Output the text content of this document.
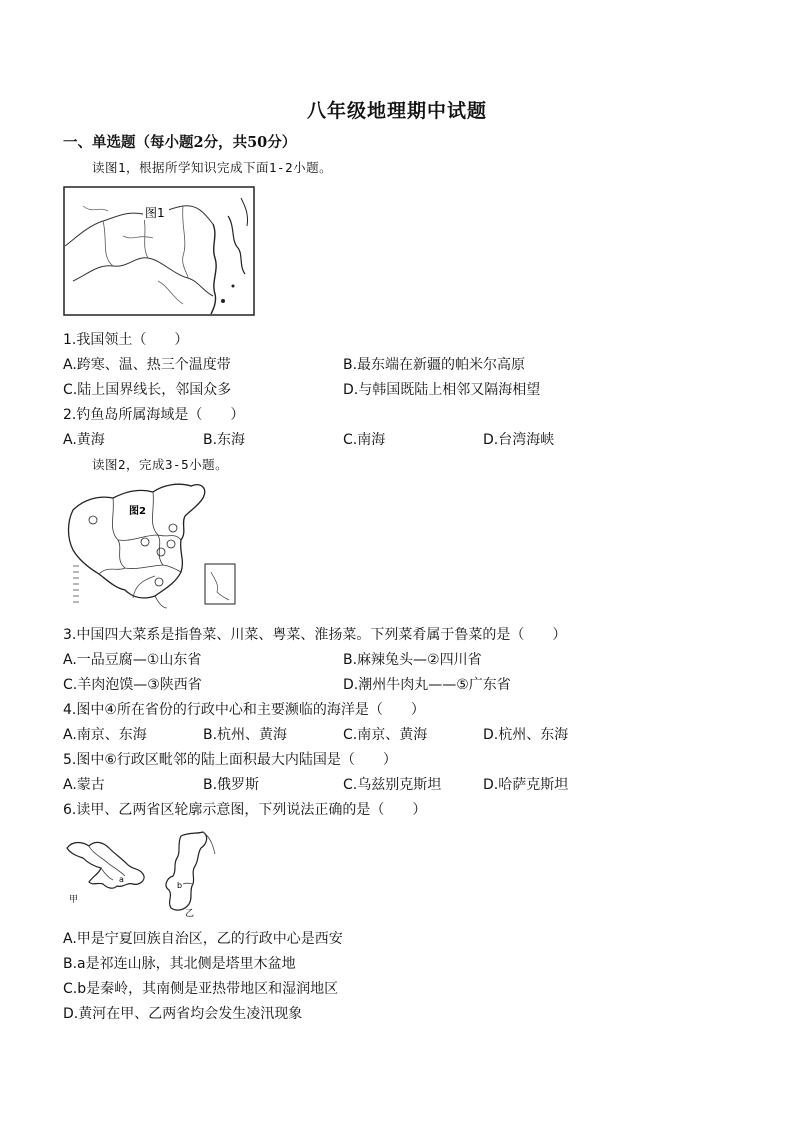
八年级地理期中试题
一、单选题（每小题2分，共50分）
读图1，根据所学知识完成下面1-2小题。
图1
1.我国领土（　　）
A.跨寒、温、热三个温度带	B.最东端在新疆的帕米尔高原
C.陆上国界线长，邻国众多	D.与韩国既陆上相邻又隔海相望
2.钓鱼岛所属海域是（　　）
A.黄海	B.东海	C.南海	D.台湾海峡
读图2，完成3-5小题。
图2
3.中国四大菜系是指鲁菜、川菜、粤菜、淮扬菜。下列菜肴属于鲁菜的是（　　）
A.一品豆腐—①山东省	B.麻辣兔头—②四川省
C.羊肉泡馍—③陕西省	D.潮州牛肉丸——⑤广东省
4.图中④所在省份的行政中心和主要濒临的海洋是（　　）
A.南京、东海	B.杭州、黄海	C.南京、黄海	D.杭州、东海
5.图中⑥行政区毗邻的陆上面积最大内陆国是（　　）
A.蒙古	B.俄罗斯	C.乌兹别克斯坦	D.哈萨克斯坦
6.读甲、乙两省区轮廓示意图，下列说法正确的是（　　）
甲
乙
a
b
A.甲是宁夏回族自治区，乙的行政中心是西安
B.a是祁连山脉，其北侧是塔里木盆地
C.b是秦岭，其南侧是亚热带地区和湿润地区
D.黄河在甲、乙两省均会发生凌汛现象
